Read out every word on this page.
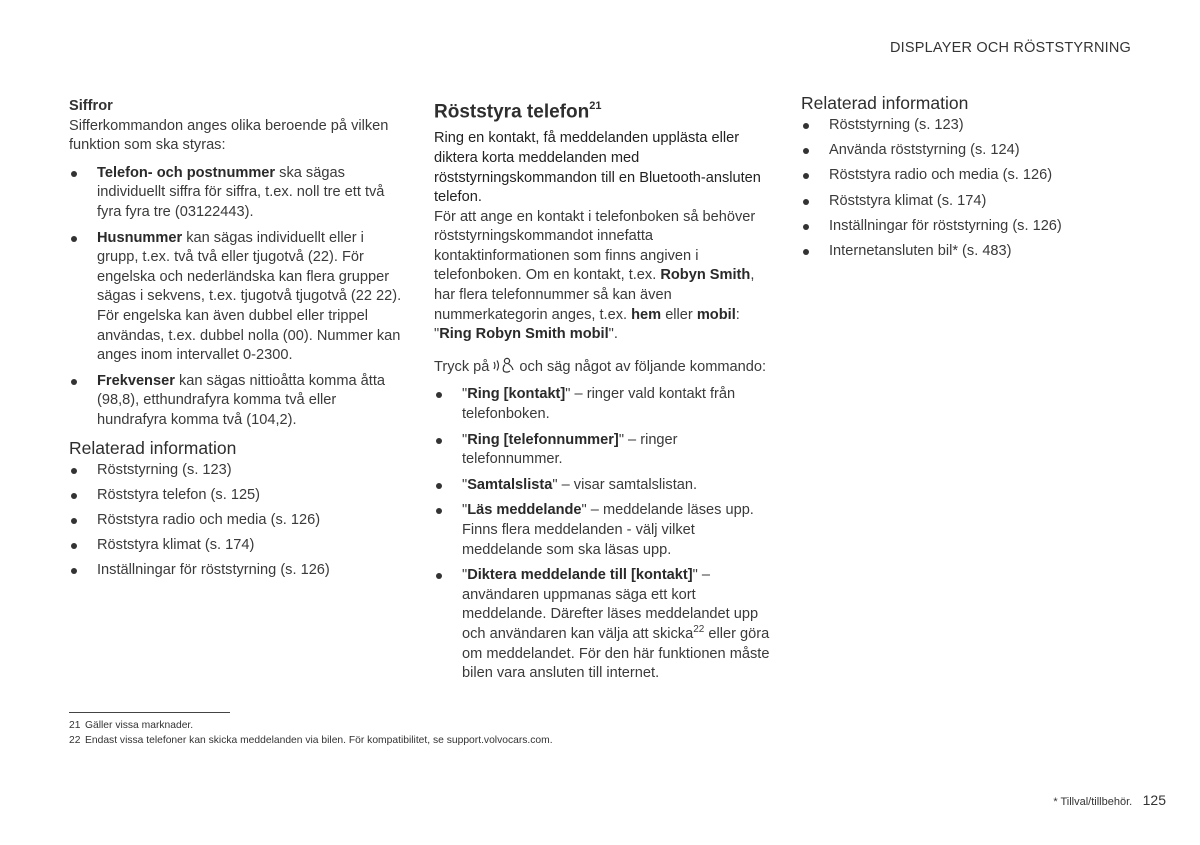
DISPLAYER OCH RÖSTSTYRNING
Siffror

Sifferkommandon anges olika beroende på vilken funktion som ska styras:

Telefon- och postnummer ska sägas individuellt siffra för siffra, t.ex. noll tre ett två fyra fyra tre (03122443).
Husnummer kan sägas individuellt eller i grupp, t.ex. två två eller tjugotvå (22). För engelska och nederländska kan flera grupper sägas i sekvens, t.ex. tjugotvå tjugotvå (22 22). För engelska kan även dubbel eller trippel användas, t.ex. dubbel nolla (00). Nummer kan anges inom intervallet 0-2300.
Frekvenser kan sägas nittioåtta komma åtta (98,8), etthundrafyra komma två eller hundrafyra komma två (104,2).
Relaterad information
Röststyrning (s. 123)
Röststyra telefon (s. 125)
Röststyra radio och media (s. 126)
Röststyra klimat (s. 174)
Inställningar för röststyrning (s. 126)
Röststyra telefon$^{21}$

Ring en kontakt, få meddelanden upplästa eller diktera korta meddelanden med röststyrningskommandon till en Bluetooth-ansluten telefon.

För att ange en kontakt i telefonboken så behöver röststyrningskommandot innefatta kontaktinformationen som finns angiven i telefonboken. Om en kontakt, t.ex. Robyn Smith, har flera telefonnummer så kan även nummerkategorin anges, t.ex. hem eller mobil: "Ring Robyn Smith mobil".

Tryck på och säg något av följande kommando:

"Ring [kontakt]" – ringer vald kontakt från telefonboken.
"Ring [telefonnummer]" – ringer telefonnummer.
"Samtalslista" – visar samtalslistan.
"Läs meddelande" – meddelande läses upp. Finns flera meddelanden - välj vilket meddelande som ska läsas upp.
"Diktera meddelande till [kontakt]" – användaren uppmanas säga ett kort meddelande. Därefter läses meddelandet upp och användaren kan välja att skicka$^{22}$ eller göra om meddelandet. För den här funktionen måste bilen vara ansluten till internet.
Relaterad information
Röststyrning (s. 123)
Använda röststyrning (s. 124)
Röststyra radio och media (s. 126)
Röststyra klimat (s. 174)
Inställningar för röststyrning (s. 126)
Internetansluten bil* (s. 483)
21 Gäller vissa marknader.
22 Endast vissa telefoner kan skicka meddelanden via bilen. För kompatibilitet, se support.volvocars.com.
* Tillval/tillbehör. 125
